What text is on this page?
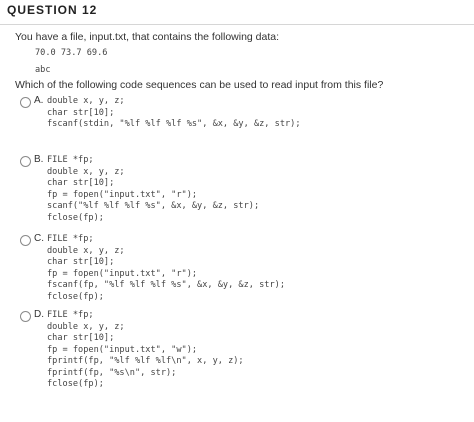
QUESTION 12
You have a file, input.txt, that contains the following data:
70.0 73.7 69.6
abc
Which of the following code sequences can be used to read input from this file?
A. double x, y, z;
char str[10];
fscanf(stdin, "%lf %lf %lf %s", &x, &y, &z, str);
B. FILE *fp;
double x, y, z;
char str[10];
fp = fopen("input.txt", "r");
scanf("%lf %lf %lf %s", &x, &y, &z, str);
fclose(fp);
C. FILE *fp;
double x, y, z;
char str[10];
fp = fopen("input.txt", "r");
fscanf(fp, "%lf %lf %lf %s", &x, &y, &z, str);
fclose(fp);
D. FILE *fp;
double x, y, z;
char str[10];
fp = fopen("input.txt", "w");
fprintf(fp, "%lf %lf %lf\n", x, y, z);
fprintf(fp, "%s\n", str);
fclose(fp);
